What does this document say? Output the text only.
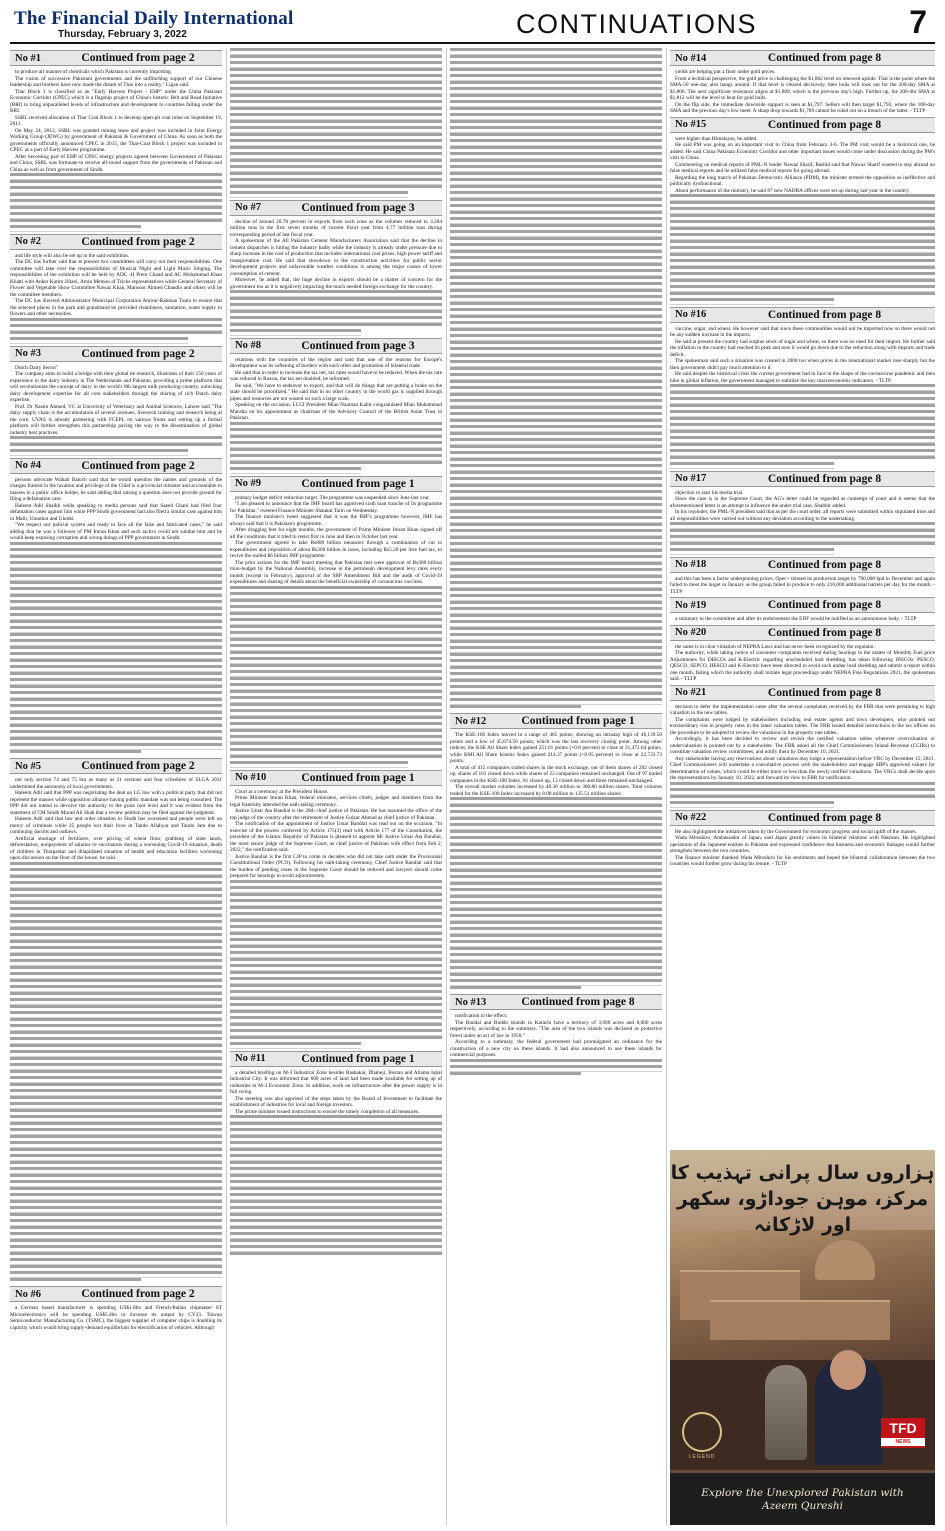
The Financial Daily International
Thursday, February 3, 2022	CONTINUATIONS	7
No #1	Continued from page 2

to produce all manner of chemicals which Pakistan is currently importing.

The vision of successive Pakistani governments and the unflinching support of our Chinese leadership and brothers have now made the dream of Thar into a reality," Ligan said.

Thar Block 1 is classified as an "Early Harvest Project - EHP" under the China Pakistan Economic Corridor (CPEC) which is a flagship project of China's historic Belt and Road Initiative (BRI) to bring unparalleled levels of infrastructure and development to countries falling under the BRI.

SSRL received allocation of Thar Coal Block 1 to develop open-pit coal mine on September 19, 2011.

On May 24, 2012, SSRL was granted mining lease and project was included in Joint Energy Working Group (JEWG) by government of Pakistan & Government of China. As soon as both the governments officially announced CPEC in 2015, the Thar-Coal Block 1 project was included in CPEC as a part of Early Harvest programme.

After becoming part of EHP of CPEC energy projects agreed between Government of Pakistan and China, SSRL was fortunate to receive all-round support from the governments of Pakistan and China as well as from government of Sindh.

No #2	Continued from page 2

and life style will also be set up in the said exhibition.

The DC has further said that at present two committees will carry out their responsibilities. One committee will take over the responsibilities of Musical Night and Light Music Singing. The responsibilities of the exhibition will be held by ADC -II Prem Chand and AC Mohammad Khan Khatti with Anker Karim Jillani, Amin Memon of Tricks representatives while General Secretary of Flower and Vegetable Show Committee Nawaz Khan, Mansoor Ahmed Chandio and others will be the committee members.

The DC has directed Administrator Municipal Corporation Amirur-Rahman Tunio to ensure that the selected places in the park and grandstand be provided cleanliness, sanitation, water supply to flowers and other necessities.

No #3	Continued from page 2

Dutch Dairy Sector"

The company aims to build a bridge with their global tie research, illustrates of their 150 years of experience in the dairy industry in The Netherlands and Pakistan, providing a prime platform that will revolutionize the concept of dairy in the world's 8th largest milk producing country, unlocking dairy development expertise for all core stakeholders through the sharing of rich Dutch dairy expertise.

Prof. Dr Nasim Ahmed, VC at University of Veterinary and Animal Sciences, Lahore said "The dairy supply chain is the accumulation of several avenues, livestock training and research being at the core. UVAS is already partnering with FCEPL on various fronts and setting up a formal platform will further strengthen this partnership paving the way to the dissemination of global industry best practices.

No #4	Continued from page 2

persons advocate Wahab Baloch said that he would question the names and grounds of the charges framed in the taxation and privilege of the Chief is a provincial minister and accountable to masses in a public office holder, he said adding that raising a question does not provide ground for filing a defamation case.

Haleem Adil Shaikh while speaking to media persons said that Saeed Ghani had filed four defamation cases against him while PPP Sindh government had also filed a similar case against him in Malir, Umarkot and Ghotki.

"We respect our judicial system and ready to face all the false and fabricated cases," he said adding that he was a follower of PM Imran Khan and such tactics could not subdue him and he would keep exposing corruption and wrong doings of PPP government in Sindh.

No #5	Continued from page 2

not only section 74 and 75 but as many as 21 sections and four schedules of SLGA 2021 undermined the autonomy of local governments.

Haleem Adil said that PPP was negotiating the deal on LG law with a political party that did not represent the masses while opposition alliance having public mandate was not being consulted. The PPP did not intend to devolve the authority to the grass root level and it was evident from the statement of CM Sindh Murad Ali Shah that a review petition may be filed against the judgment.

Haleem Adil said that law and order situation in Sindh has worsened and people were left on mercy of criminals while 25 people lost their lives in Tando Allahyar and Tando Jam due to continuing dacoits and outlaws.

Artificial shortage of fertilizers, over pricing of wheat flour, grabbing of state lands, deforestation, nonpayment of salaries to vaccinators during a worsening Covid-19 situation, death of children in Tharparkar and dilapidated situation of health and education facilities worsening upon discussion on the floor of the house, he said.

No #6	Continued from page 2

a German based manufacturer is spending US$1.8bn and French-Italian chipmaker ST Microelectronics will be spending US$5.4bn to increase its output by CY23. Taiwan Semiconductor Manufacturing Co. (TSMC), the biggest supplier of computer chips is doubling its capacity which would bring supply-demand equilibrium for electrification of vehicles. Although

No #7	Continued from page 3

decline of around 20.78 percent in exports from such zone as the volumes reduced to 3.284 million tons in the first seven months of current fiscal year from 4.77 million tons during corresponding period of last fiscal year.

A spokesman of the All Pakistan Cement Manufacturers Association said that the decline in cement dispatches is hitting the industry badly while the industry is already under pressure due to sharp increase in the cost of production that includes international coal prices, high power tariff and transportation cost. He said that slowdown in the construction activities for public sector development projects and unfavorable weather conditions is among the major causes of lower consumption of cement.

Moreover, he added that, the huge decline in exports should be a matter of concern for the government too as it is negatively impacting the much needed foreign exchange for the country.

No #8	Continued from page 3

relations with the countries of the region and said that one of the reasons for Europe's development was its softening of borders with each other and promotion of bilateral trade.

He said that in order to increase the tax net, tax rates would have to be reduced. When the tax rate was reduced in Russia, the tax net doubled, he informed.

He said, "We have to endeavor to export, and that will do things that are putting a brake on the state should be prioritized." He said that in no other country in the world gas is supplied through pipes and resources are not wasted on such a large scale.

Speaking on the occasion, LCCI President Mian Nauman Kabir congratulated Mian Muhammad Mansha on his appointment as chairman of the Advisory Council of the British Asian Trust in Pakistan.

No #9	Continued from page 1

primary budget deficit reduction target. The programme was suspended since June last year.

"I am pleased to announce that the IMF board has approved sixth loan tranche of its programme for Pakistan," tweeted Finance Minister Shaukat Tarin on Wednesday.

The finance minister's tweet suggested that it was the IMF's programme however, IMF has always said that it is Pakistan's programme.

After dragging feet for eight months, the government of Prime Minister Imran Khan signed off all the conditions that it tried to resist first in June and then in October last year.

The government agreed to take Rs800 billion measures through a combination of cut in expenditures and imposition of about Rs360 billion in taxes, including Rs5.20 per litre fuel tax, to revive the stalled $6 billion IMF programme.

The prior actions for the IMF board meeting that Pakistan met were approval of Rs360 billion mini-budget by the National Assembly, increase in the petroleum development levy rates every month (except in February), approval of the SBP Amendment Bill and the audit of Covid-19 expenditures and sharing of details about the beneficial ownership of coronavirus vaccines.

No #10	Continued from page 1

Court at a ceremony at the President House.

Prime Minister Imran Khan, federal ministers, services chiefs, judges and members from the legal fraternity attended the oath-taking ceremony.

Justice Umar Ata Bandial is the 28th chief justice of Pakistan. He has assumed the office of the top judge of the country after the retirement of Justice Gulzar Ahmad as chief justice of Pakistan.

The notification of the appointment of Justice Umar Bandial was read out on the occasion. "In exercise of the powers conferred by Article 175(3) read with Article 177 of the Constitution, the president of the Islamic Republic of Pakistan is pleased to appoint Mr Justice Umar Ata Bandial, the most senior judge of the Supreme Court, as chief justice of Pakistan with effect from Feb 2, 2022," the notification said.

Justice Bandial is the first CJP to come in decades who did not take oath under the Provisional Constitutional Order (PCO). Following his oath-taking ceremony, Chief Justice Bandial said that the burden of pending cases in the Supreme Court should be reduced and lawyers should come prepared for hearings to avoid adjournments.

No #11	Continued from page 1

a detailed briefing on M-3 Industrial Zone besides Rashakai, Dhabeji, Bostan and Allama Iqbal Industrial City. It was informed that 600 acres of land had been made available for setting up of industries in M-3 Economic Zone. In addition, work on infrastructure after the power supply is in full swing.

The meeting was also apprised of the steps taken by the Board of Investment to facilitate the establishment of industries for local and foreign investors.

The prime minister issued instructions to ensure the timely completion of all measures.

No #12	Continued from page 1

The KSE-100 Index moved in a range of 465 points, showing an intraday high of 46,139.50 points and a low of 45,674.50 points, which was the last recovery closing point. Among other indices, the KSE All Share Index gained 251.01 points (+0.8 percent) to close at 31,472.64 points, while KMI All Share Islamic Index gained 214.37 points (+0.95 percent) to close at 22,733.73 points.

A total of 415 companies traded shares in the stock exchange, out of them shares of 292 closed up, shares of 101 closed down while shares of 22 companies remained unchanged. Out of 97 traded companies in the KSE-100 Index, 81 closed up, 13 closed down and three remained unchanged.

The overall market volumes increased by 48.30 million to 360.80 million shares. Total volumes traded for the KSE-100 Index increased by 8.08 million to 135.51 million shares.

No #13	Continued from page 8

notification to the effect.

The Bundal and Buddo islands in Karachi have a territory of 3,000 acres and 8,000 acres respectively, according to the summary. "The area of the two islands was declared as protective forest under an act of law in 1958."

According to a summary, the federal government had promulgated an ordinance for the construction of a new city on these islands. It had also announced to use these islands for commercial purposes.

No #14	Continued from page 8

yields are helping put a floor under gold prices.

From a technical perspective, the gold price is challenging the $1,802 level on renewed upside. That is the point where the SMA-50 one-day also hangs around. If that level is cleared decisively, then bulls will look out for the 200-day SMA at $1,806. The next significant resistance aligns at $1,809, which is the previous day's high. Further up, the 200-4hr SMA at $1,812 will be the level to beat for gold bulls.

On the flip side, the immediate downside support is seen at $1,797. Sellers will then target $1,793, where the 100-day SMA and the previous day's low meet. A sharp drop towards $1,789 cannot be ruled out on a breach of the latter. - TLTP

No #15	Continued from page 8

were higher than Himalayas, he added.

He said PM was going on an important visit to China from February 3-6. The PM visit would be a historical one, he added. He said China Pakistan Economic Corridor and other important issues would come under discussion during the PM's visit to China.

Commenting on medical reports of PML-N leader Nawaz Sharif, Rashid said that Nawaz Sharif wanted to stay abroad on false medical reports and he utilized false medical reports for going abroad.

Regarding the long march of Pakistan Democratic Alliance (PDM), the minister termed the opposition as ineffective and politically dysfunctional.

About performance of the ministry, he said 87 new NADRA offices were set up during last year in the country.

No #16	Continued from page 8

vaccine, sugar, and wheat. He however said that since these commodities would not be imported now so there would not be any sudden increase in the imports.

He said at present the country had surplus stock of sugar and wheat, so there was no need for their import. He further said the inflation in the country had reached its peak and now it would go down due to the reduction along with imports and trade deficit.

The spokesman said such a situation was created in 2008 too when prices in the international market rose sharply but the then government didn't pay much attention to it.

He said despite the historical crisis the current government had to face in the shape of the coronavirus pandemic and then hike in global inflation, the government managed to stabilize the key macroeconomic indicators. - TLTP

No #17	Continued from page 8

objection to start his media trial.

Since the case is in the Supreme Court, the AG's letter could be regarded as contempt of court and it seems that the aforementioned letter is an attempt to influence the under trial case, Shabbir added.

In his rejoinder, the PML-N president said that as per the court order, all reports were submitted within stipulated time and all responsibilities were carried out without any deviation according to the undertaking.

No #18	Continued from page 8

and this has been a factor underpinning prices. Opec+ missed its production target by 790,000 bpd in December and again failed to meet the target in January as the group failed to produce to only 210,000 additional barrels per day for the month. - TLTP

No #19	Continued from page 8

a summary to the committee and after its endorsement the EDF would be notified as an autonomous body. - TLTP

No #20	Continued from page 8

the same is in clear violation of NEPRA Laws and has never been recognized by the regulator.

The authority, while taking notice of consumer complaints received during hearings in the matter of Monthly Fuel price Adjustments for DISCOs and K-Electric regarding unscheduled load shedding, has taken following DISCOs: PESCO, QESCO, SEPCO, HESCO and K-Electric have been directed to avoid such undue load shedding and submit a report within one month, failing which the authority shall initiate legal proceedings under NEPRA Fine Regulations 2021, the spokesman said. - TLTP

No #21	Continued from page 8

decision to defer the implementation came after the several complaints received by the FBR that were pertaining to high valuation in the new tables.

The complaints were lodged by stakeholders including real estate agents and town developers, who pointed out extraordinary rise in property rates in the latest valuation tables. The FBR issued detailed instructions to the tax offices on the procedure to be adopted to review the valuations in the property rate tables.

Accordingly, it has been decided to review and revisit the notified valuation tables wherever overvaluation or undervaluation is pointed out by a stakeholder. The FBR asked all the Chief Commissioners Inland Revenue (CCIRs) to constitute valuation review committees, and notify them by December 10, 2021.

Any stakeholder having any reservations about valuations may lodge a representation before VRC by December 15, 2021. Chief Commissioners will undertake a consultative process with the stakeholders and engage SBP's approved valuers for determination of values, which could be either more or less than the newly notified valuations. The VRCs shall decide upon the representations by January 10, 2022, and forward its view to FBR for notification.

No #22	Continued from page 8

He also highlighted the initiatives taken by the Government for economic progress and social uplift of the masses.

Wada Mitsuhiro, Ambassador of Japan, said Japan greatly values its bilateral relations with Pakistan. He highlighted operations of the Japanese entities in Pakistan and expressed confidence that business and economic linkages would further strengthen between the two countries.

The finance minister thanked Wada Mitsuhiro for his sentiments and hoped the bilateral collaboration between the two countries would further grow during his tenure. - TLTP

ہزاروں سال پرانی تہذیب کا مرکز، موہن جوداڑو، سکھر اور لاڑکانہ
LEGEND
TFD
NEWS
Explore the Unexplored Pakistan with Azeem Qureshi
